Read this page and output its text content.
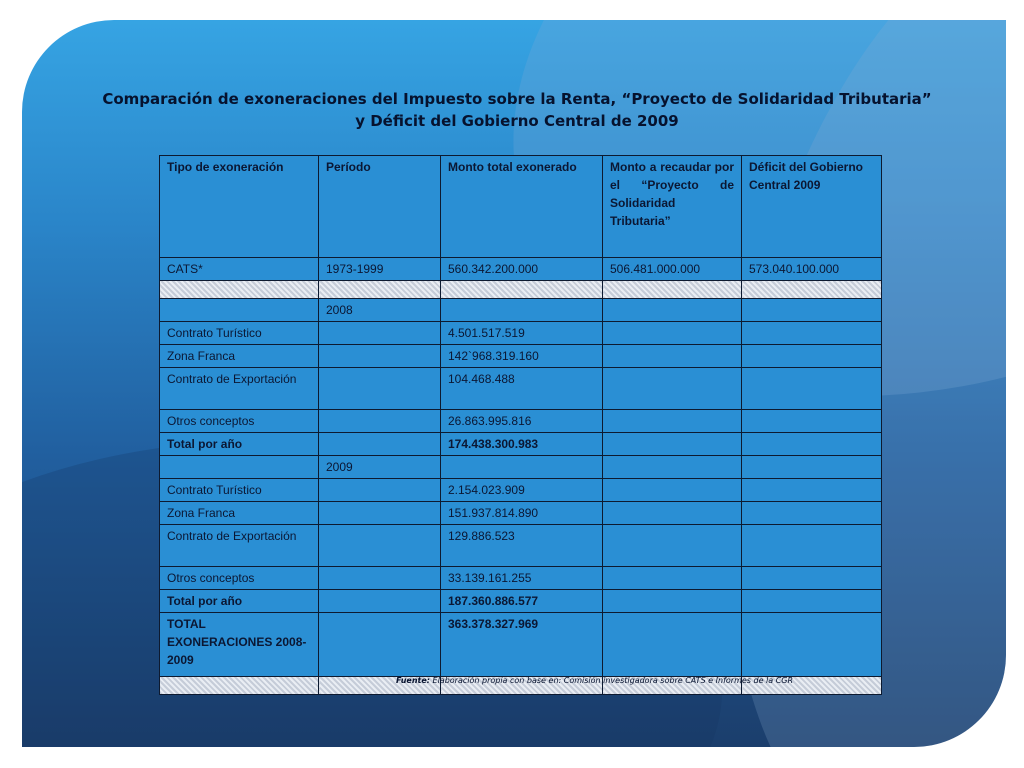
Comparación de exoneraciones del Impuesto sobre la Renta, “Proyecto de Solidaridad Tributaria” y Déficit del Gobierno Central de 2009
Tipo de exoneración	Período	Monto total exonerado	Monto a recaudar por el “Proyecto de Solidaridad Tributaria”	Déficit del Gobierno Central 2009
CATS*	1973-1999	560.342.200.000	506.481.000.000	573.040.100.000

	2008			
Contrato Turístico		4.501.517.519		
Zona Franca		142`968.319.160		
Contrato de Exportación		104.468.488		
Otros conceptos		26.863.995.816		
Total por año		174.438.300.983		
	2009			
Contrato Turístico		2.154.023.909		
Zona Franca		151.937.814.890		
Contrato de Exportación		129.886.523		
Otros conceptos		33.139.161.255		
Total por año		187.360.886.577		
TOTAL EXONERACIONES 2008-2009		363.378.327.969		

Fuente: Elaboración propia con base en: Comisión investigadora sobre CATS e Informes de la CGR
